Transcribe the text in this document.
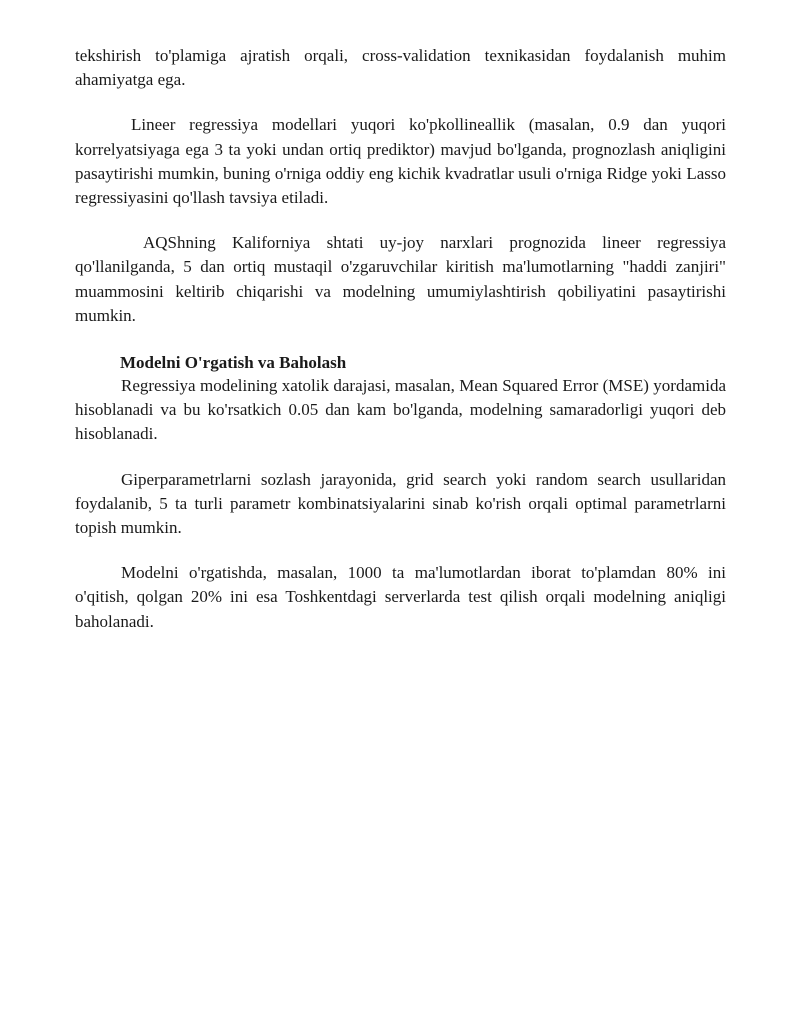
tekshirish to'plamiga ajratish orqali, cross-validation texnikasidan foydalanish muhim ahamiyatga ega.

Lineer regressiya modellari yuqori ko'pkollineallik (masalan, 0.9 dan yuqori korrelyatsiyaga ega 3 ta yoki undan ortiq prediktor) mavjud bo'lganda, prognozlash aniqligini pasaytirishi mumkin, buning o'rniga oddiy eng kichik kvadratlar usuli o'rniga Ridge yoki Lasso regressiyasini qo'llash tavsiya etiladi.

AQShning Kaliforniya shtati uy-joy narxlari prognozida lineer regressiya qo'llanilganda, 5 dan ortiq mustaqil o'zgaruvchilar kiritish ma'lumotlarning "haddi zanjiri" muammosini keltirib chiqarishi va modelning umumiylashtirish qobiliyatini pasaytirishi mumkin.

Modelni O'rgatish va Baholash

Regressiya modelining xatolik darajasi, masalan, Mean Squared Error (MSE) yordamida hisoblanadi va bu ko'rsatkich 0.05 dan kam bo'lganda, modelning samaradorligi yuqori deb hisoblanadi.

Giperparametrlarni sozlash jarayonida, grid search yoki random search usullaridan foydalanib, 5 ta turli parametr kombinatsiyalarini sinab ko'rish orqali optimal parametrlarni topish mumkin.

Modelni o'rgatishda, masalan, 1000 ta ma'lumotlardan iborat to'plamdan 80% ini o'qitish, qolgan 20% ini esa Toshkentdagi serverlarda test qilish orqali modelning aniqligi baholanadi.
